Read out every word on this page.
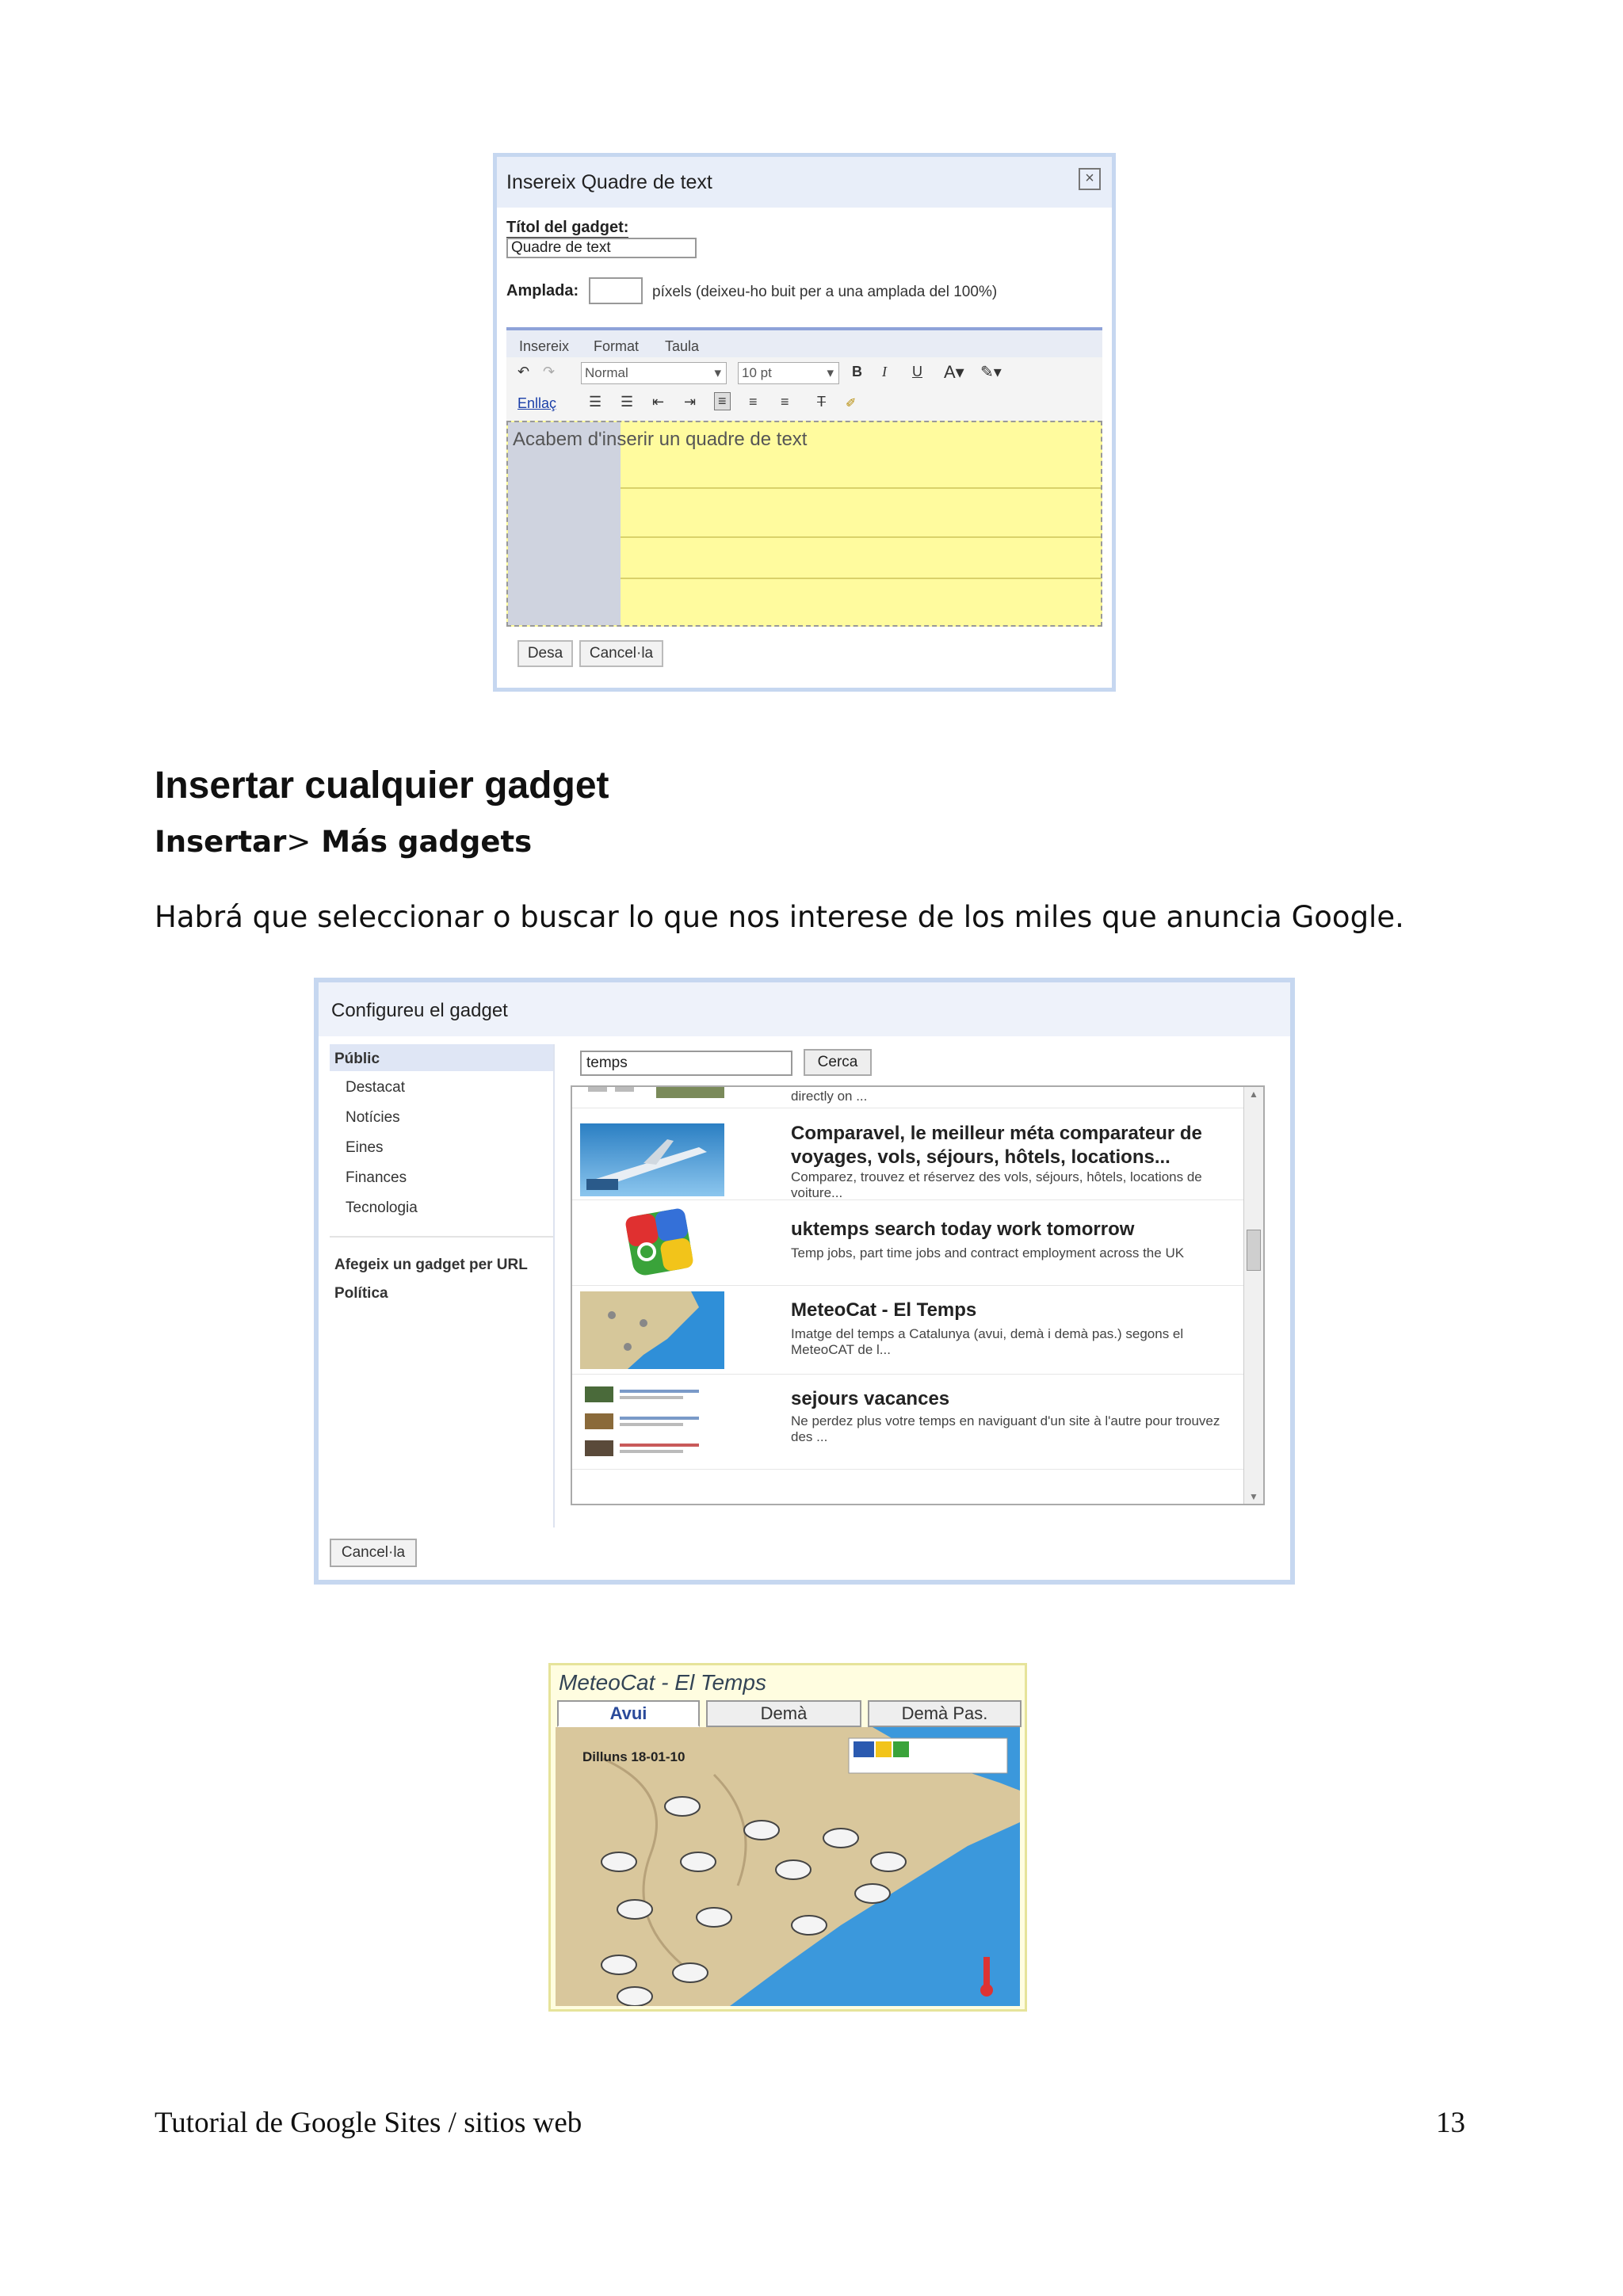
Insereix Quadre de text	×
Títol del gadget:
Quadre de text
Amplada:	píxels (deixeu-ho buit per a una amplada del 100%)
Insereix Format Taula
↶ ↷ Normal	▾ 10 pt	▾ B I U A▾ ✎▾
Enllaç ☰ ☰ ⇤ ⇥ ≡ ≡ ≡ T ✐
Acabem d'inserir un quadre de text
Desa	Cancel·la
Insertar cualquier gadget
Insertar> Más gadgets
Habrá que seleccionar o buscar lo que nos interese de los miles que anuncia Google.
Configureu el gadget
Públic
Destacat
Notícies
Eines
Finances
Tecnologia
Afegeix un gadget per URL
Política
temps	Cerca
directly on ...
Comparavel, le meilleur méta comparateur de voyages, vols, séjours, hôtels, locations...
Comparez, trouvez et réservez des vols, séjours, hôtels, locations de voiture...
uktemps search today work tomorrow
Temp jobs, part time jobs and contract employment across the UK
MeteoCat - El Temps
Imatge del temps a Catalunya (avui, demà i demà pas.) segons el MeteoCAT de l...
sejours vacances
Ne perdez plus votre temps en naviguant d'un site à l'autre pour trouvez des ...
▲
▼
Cancel·la
MeteoCat - El Temps
Avui	Demà	Demà Pas.
Dilluns 18-01-10
Tutorial de Google Sites / sitios web	13
